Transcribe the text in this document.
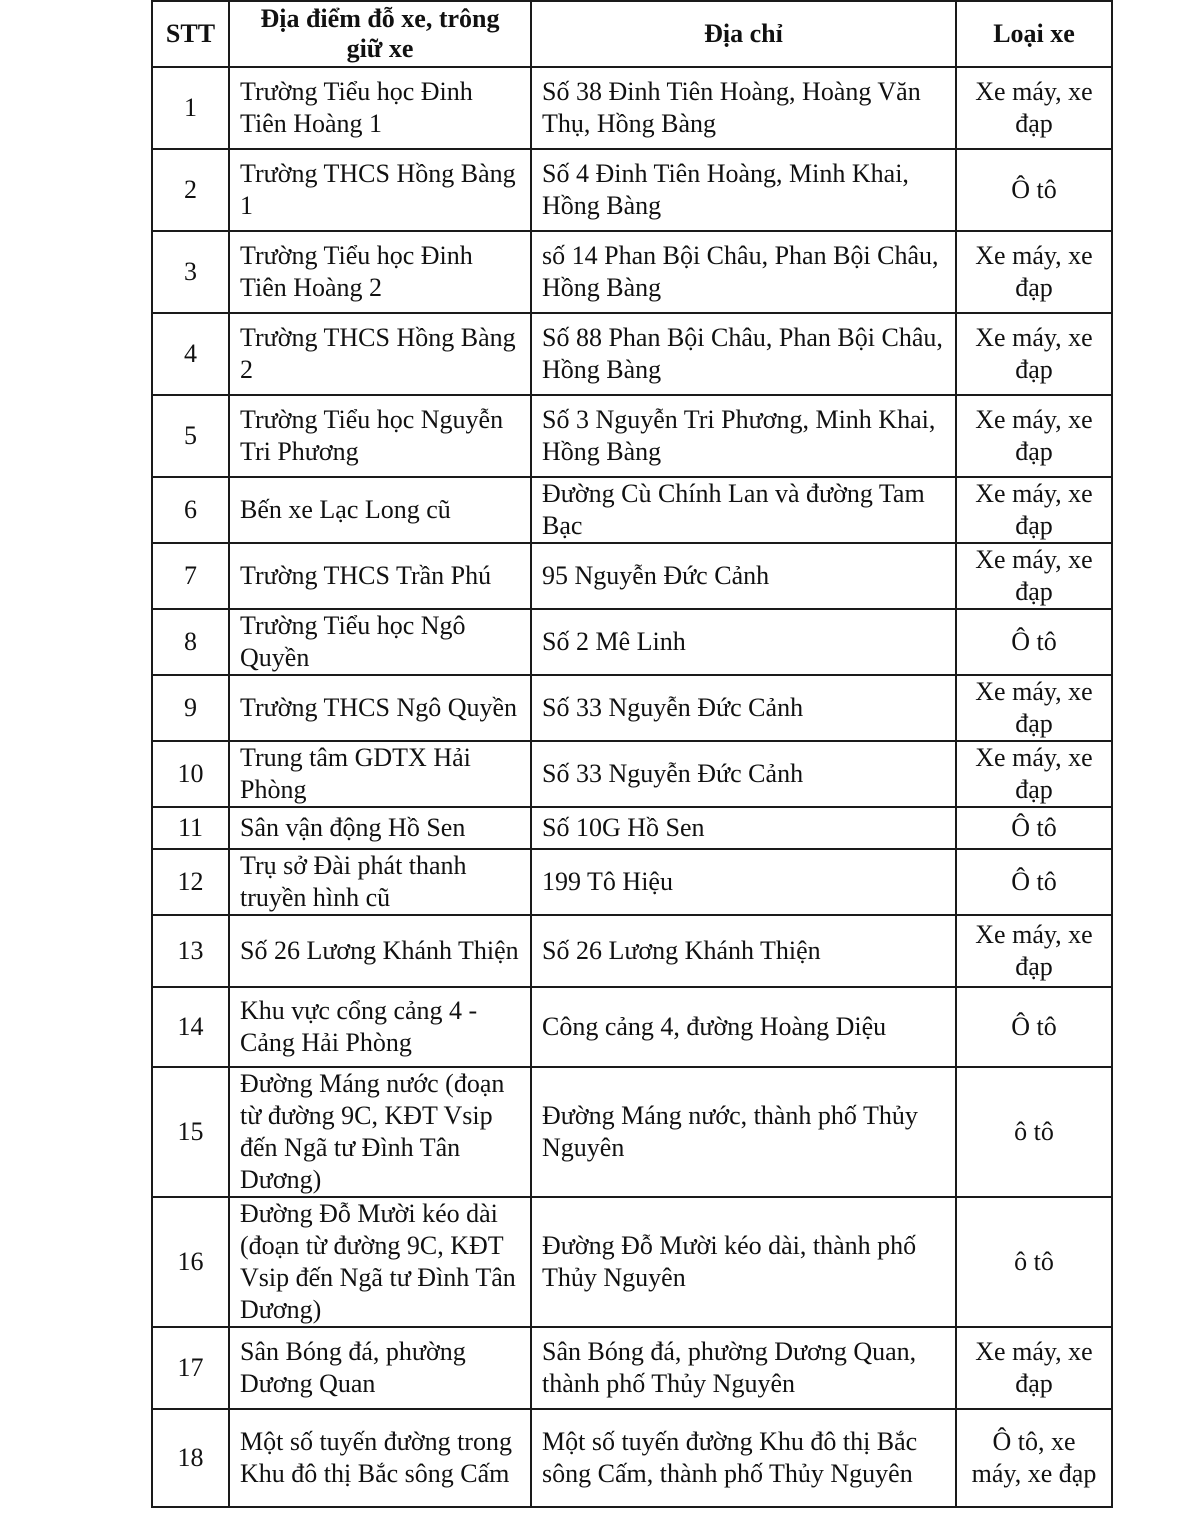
STT	Địa điểm đỗ xe, trông giữ xe	Địa chỉ	Loại xe
1	Trường Tiểu học Đinh Tiên Hoàng 1	Số 38 Đinh Tiên Hoàng, Hoàng Văn Thụ, Hồng Bàng	Xe máy, xe đạp
2	Trường THCS Hồng Bàng 1	Số 4 Đinh Tiên Hoàng, Minh Khai, Hồng Bàng	Ô tô
3	Trường Tiểu học Đinh Tiên Hoàng 2	số 14 Phan Bội Châu, Phan Bội Châu, Hồng Bàng	Xe máy, xe đạp
4	Trường THCS Hồng Bàng 2	Số 88 Phan Bội Châu, Phan Bội Châu, Hồng Bàng	Xe máy, xe đạp
5	Trường Tiểu học Nguyễn Tri Phương	Số 3 Nguyễn Tri Phương, Minh Khai, Hồng Bàng	Xe máy, xe đạp
6	Bến xe Lạc Long cũ	Đường Cù Chính Lan và đường Tam Bạc	Xe máy, xe đạp
7	Trường THCS Trần Phú	95 Nguyễn Đức Cảnh	Xe máy, xe đạp
8	Trường Tiểu học Ngô Quyền	Số 2 Mê Linh	Ô tô
9	Trường THCS Ngô Quyền	Số 33 Nguyễn Đức Cảnh	Xe máy, xe đạp
10	Trung tâm GDTX Hải Phòng	Số 33 Nguyễn Đức Cảnh	Xe máy, xe đạp
11	Sân vận động Hồ Sen	Số 10G Hồ Sen	Ô tô
12	Trụ sở Đài phát thanh truyền hình cũ	199 Tô Hiệu	Ô tô
13	Số 26 Lương Khánh Thiện	Số 26 Lương Khánh Thiện	Xe máy, xe đạp
14	Khu vực cổng cảng 4 - Cảng Hải Phòng	Công cảng 4, đường Hoàng Diệu	Ô tô
15	Đường Máng nước (đoạn từ đường 9C, KĐT Vsip đến Ngã tư Đình Tân Dương)	Đường Máng nước, thành phố Thủy Nguyên	ô tô
16	Đường Đỗ Mười kéo dài (đoạn từ đường 9C, KĐT Vsip đến Ngã tư Đình Tân Dương)	Đường Đỗ Mười kéo dài, thành phố Thủy Nguyên	ô tô
17	Sân Bóng đá, phường Dương Quan	Sân Bóng đá, phường Dương Quan, thành phố Thủy Nguyên	Xe máy, xe đạp
18	Một số tuyến đường trong Khu đô thị Bắc sông Cấm	Một số tuyến đường Khu đô thị Bắc sông Cấm, thành phố Thủy Nguyên	Ô tô, xe máy, xe đạp
